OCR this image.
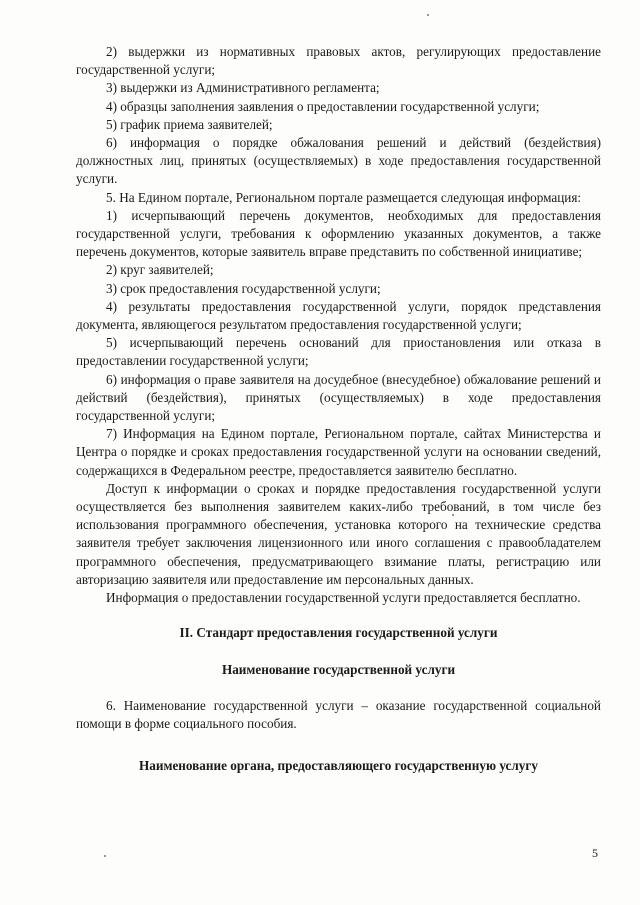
2) выдержки из нормативных правовых актов, регулирующих предоставление государственной услуги;

3) выдержки из Административного регламента;

4) образцы заполнения заявления о предоставлении государственной услуги;

5) график приема заявителей;

6) информация о порядке обжалования решений и действий (бездействия) должностных лиц, принятых (осуществляемых) в ходе предоставления государственной услуги.

5. На Едином портале, Региональном портале размещается следующая информация:

1) исчерпывающий перечень документов, необходимых для предоставления государственной услуги, требования к оформлению указанных документов, а также перечень документов, которые заявитель вправе представить по собственной инициативе;

2) круг заявителей;

3) срок предоставления государственной услуги;

4) результаты предоставления государственной услуги, порядок представления документа, являющегося результатом предоставления государственной услуги;

5) исчерпывающий перечень оснований для приостановления или отказа в предоставлении государственной услуги;

6) информация о праве заявителя на досудебное (внесудебное) обжалование решений и действий (бездействия), принятых (осуществляемых) в ходе предоставления государственной услуги;

7) Информация на Едином портале, Региональном портале, сайтах Министерства и Центра о порядке и сроках предоставления государственной услуги на основании сведений, содержащихся в Федеральном реестре, предоставляется заявителю бесплатно.

Доступ к информации о сроках и порядке предоставления государственной услуги осуществляется без выполнения заявителем каких-либо требований, в том числе без использования программного обеспечения, установка которого на технические средства заявителя требует заключения лицензионного или иного соглашения с правообладателем программного обеспечения, предусматривающего взимание платы, регистрацию или авторизацию заявителя или предоставление им персональных данных.

Информация о предоставлении государственной услуги предоставляется бесплатно.

II. Стандарт предоставления государственной услуги
Наименование государственной услуги

6. Наименование государственной услуги – оказание государственной социальной помощи в форме социального пособия.

Наименование органа, предоставляющего государственную услугу
5
